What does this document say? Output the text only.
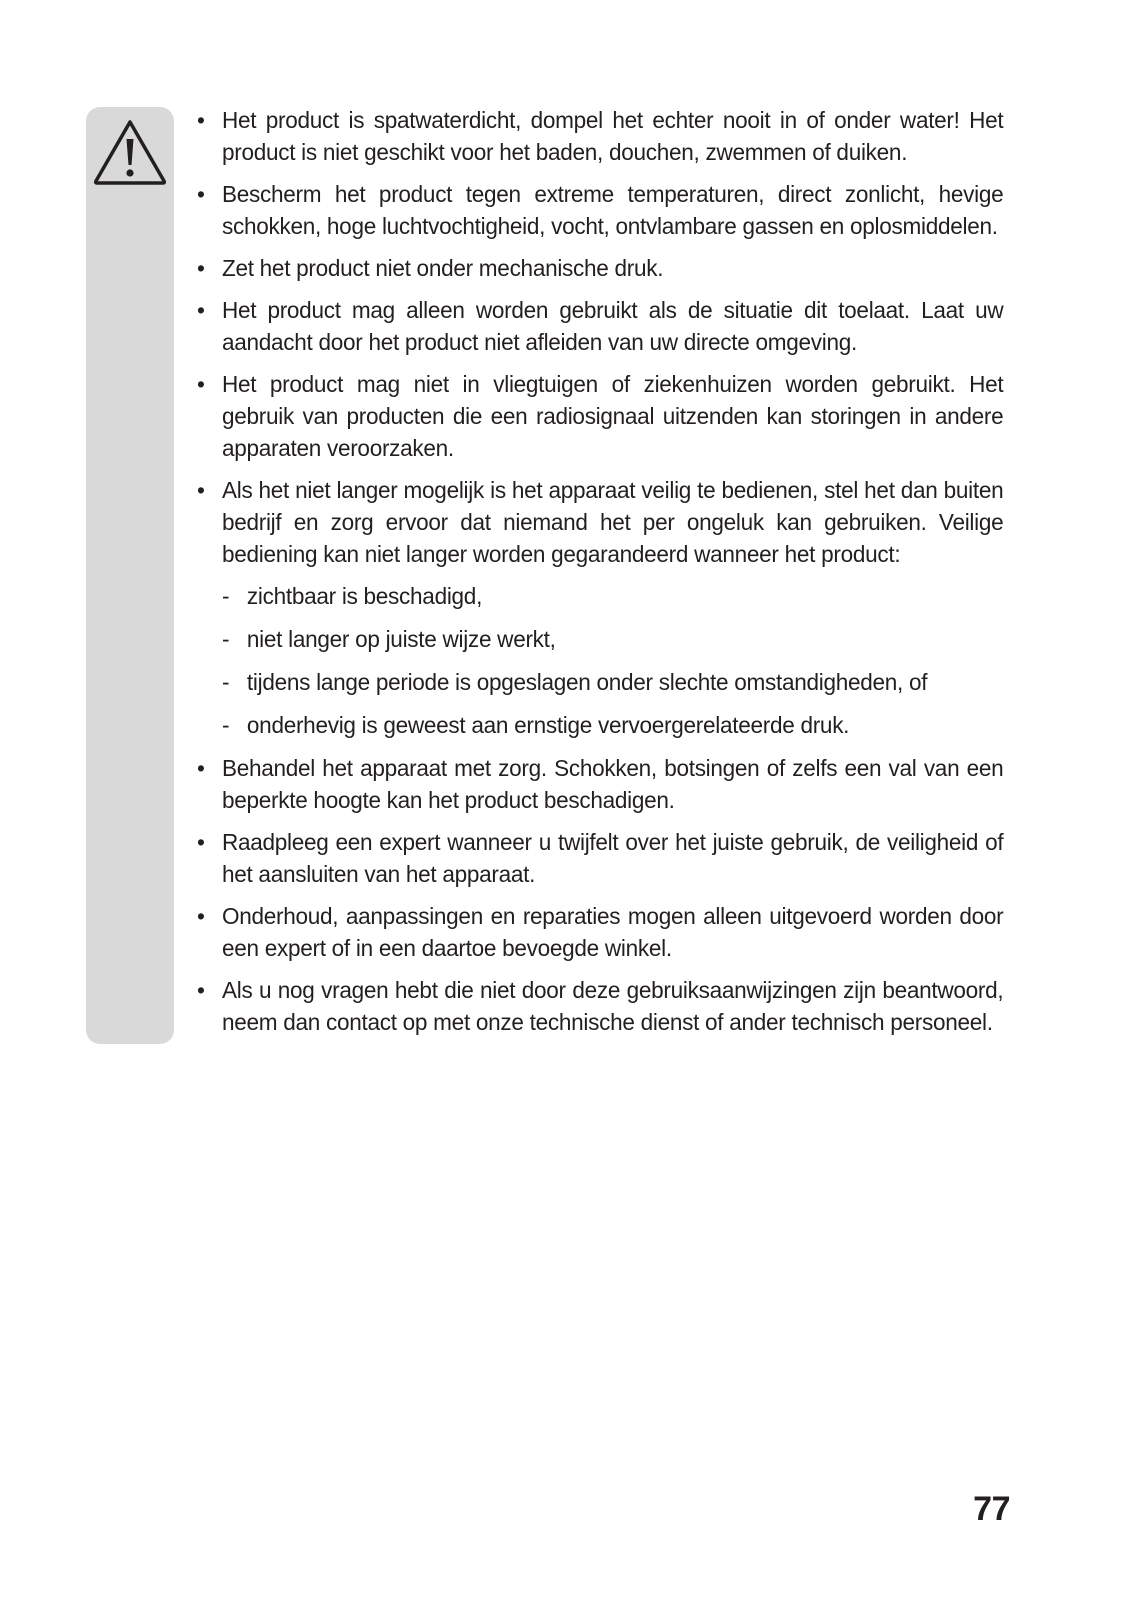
• Het product is spatwaterdicht, dompel het echter nooit in of onder water! Het product is niet geschikt voor het baden, douchen, zwemmen of duiken.
• Bescherm het product tegen extreme temperaturen, direct zonlicht, hevige schokken, hoge luchtvochtigheid, vocht, ontvlambare gassen en oplosmiddelen.
• Zet het product niet onder mechanische druk.
• Het product mag alleen worden gebruikt als de situatie dit toelaat. Laat uw aandacht door het product niet afleiden van uw directe omgeving.
• Het product mag niet in vliegtuigen of ziekenhuizen worden gebruikt. Het gebruik van producten die een radiosignaal uitzenden kan storingen in andere apparaten veroorzaken.
• Als het niet langer mogelijk is het apparaat veilig te bedienen, stel het dan buiten bedrijf en zorg ervoor dat niemand het per ongeluk kan gebruiken. Veilige bediening kan niet langer worden gegarandeerd wanneer het product:
- zichtbaar is beschadigd,
- niet langer op juiste wijze werkt,
- tijdens lange periode is opgeslagen onder slechte omstandigheden, of
- onderhevig is geweest aan ernstige vervoergerelateerde druk.
• Behandel het apparaat met zorg. Schokken, botsingen of zelfs een val van een beperkte hoogte kan het product beschadigen.
• Raadpleeg een expert wanneer u twijfelt over het juiste gebruik, de veiligheid of het aansluiten van het apparaat.
• Onderhoud, aanpassingen en reparaties mogen alleen uitgevoerd worden door een expert of in een daartoe bevoegde winkel.
• Als u nog vragen hebt die niet door deze gebruiksaanwijzingen zijn beantwoord, neem dan contact op met onze technische dienst of ander technisch personeel.
77
